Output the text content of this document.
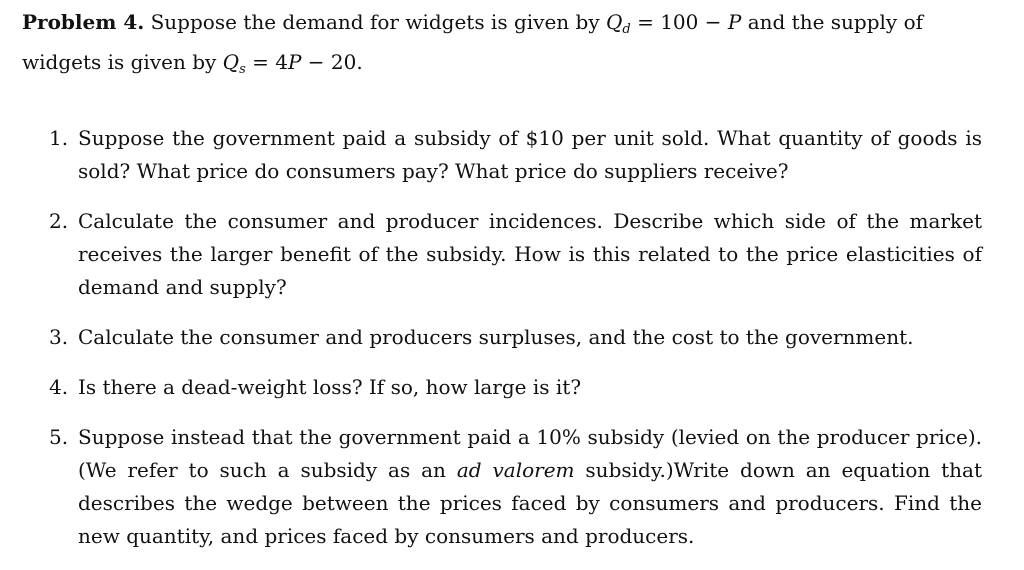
Problem 4. Suppose the demand for widgets is given by $Q_d = 100 - P$ and the supply of widgets is given by $Q_s = 4P - 20$.

1. Suppose the government paid a subsidy of $10 per unit sold. What quantity of goods is sold? What price do consumers pay? What price do suppliers receive?
2. Calculate the consumer and producer incidences. Describe which side of the market receives the larger benefit of the subsidy. How is this related to the price elasticities of demand and supply?
3. Calculate the consumer and producers surpluses, and the cost to the government.
4. Is there a dead-weight loss? If so, how large is it?
5. Suppose instead that the government paid a 10% subsidy (levied on the producer price). (We refer to such a subsidy as an ad valorem subsidy.)Write down an equation that describes the wedge between the prices faced by consumers and producers. Find the new quantity, and prices faced by consumers and producers.
